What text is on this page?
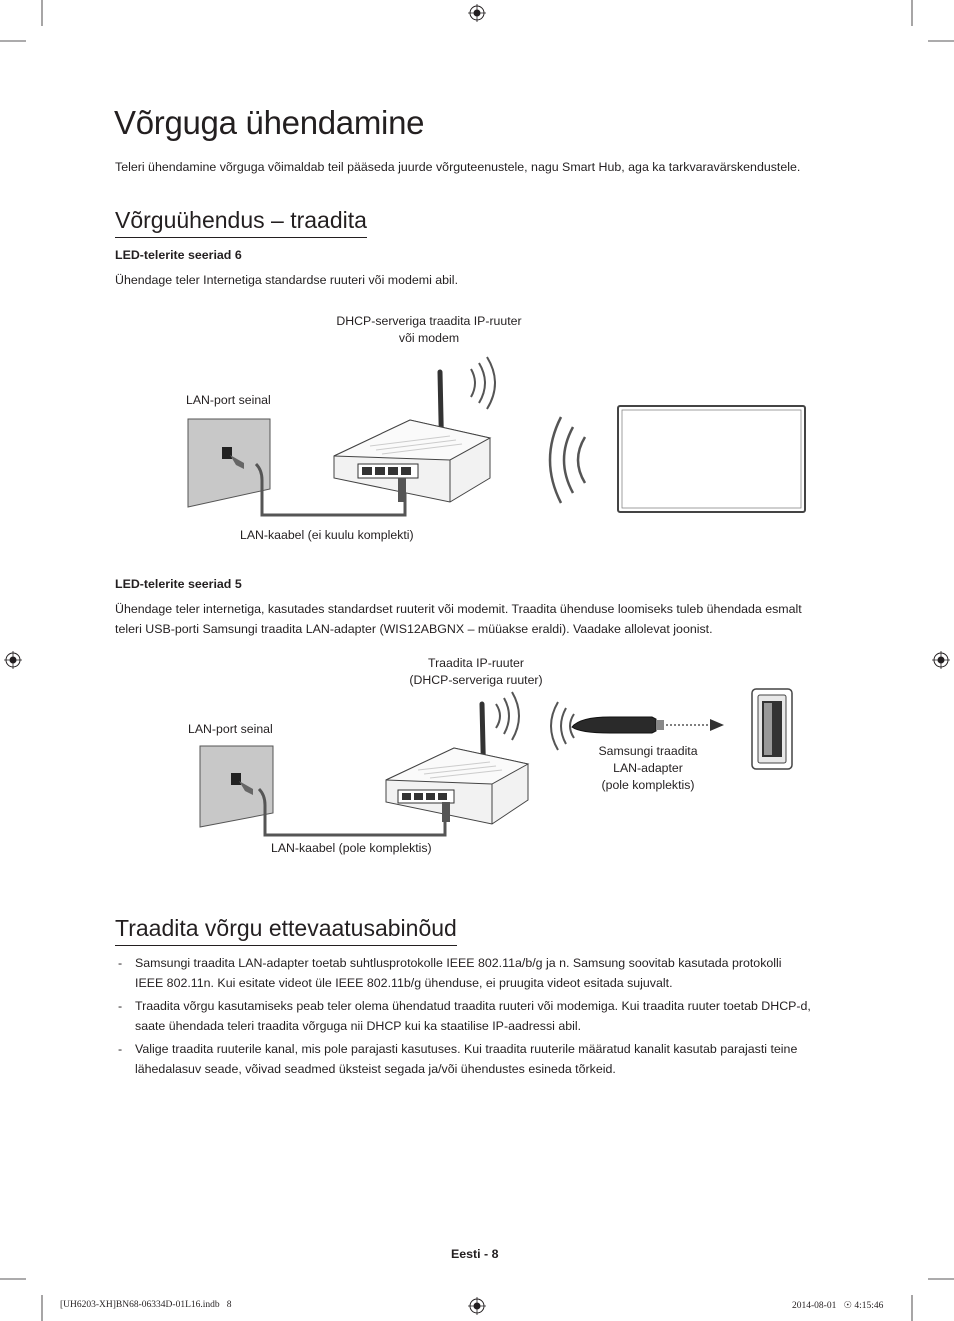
Võrguga ühendamine
Teleri ühendamine võrguga võimaldab teil pääseda juurde võrguteenustele, nagu Smart Hub, aga ka tarkvaravärskendustele.
Võrguühendus – traadita
LED-telerite seeriad 6
Ühendage teler Internetiga standardse ruuteri või modemi abil.
DHCP-serveriga traadita IP-ruuter
või modem
LAN-port seinal
LAN-kaabel (ei kuulu komplekti)
LED-telerite seeriad 5
Ühendage teler internetiga, kasutades standardset ruuterit või modemit. Traadita ühenduse loomiseks tuleb ühendada esmalt
teleri USB-porti Samsungi traadita LAN-adapter (WIS12ABGNX – müüakse eraldi). Vaadake allolevat joonist.
Traadita IP-ruuter
(DHCP-serveriga ruuter)
LAN-port seinal
LAN-kaabel (pole komplektis)
Samsungi traadita
LAN-adapter
(pole komplektis)
Traadita võrgu ettevaatusabinõud
- Samsungi traadita LAN-adapter toetab suhtlusprotokolle IEEE 802.11a/b/g ja n. Samsung soovitab kasutada protokolli
IEEE 802.11n. Kui esitate videot üle IEEE 802.11b/g ühenduse, ei pruugita videot esitada sujuvalt.
- Traadita võrgu kasutamiseks peab teler olema ühendatud traadita ruuteri või modemiga. Kui traadita ruuter toetab DHCP-d,
saate ühendada teleri traadita võrguga nii DHCP kui ka staatilise IP-aadressi abil.
- Valige traadita ruuterile kanal, mis pole parajasti kasutuses. Kui traadita ruuterile määratud kanalit kasutab parajasti teine
lähedalasuv seade, võivad seadmed üksteist segada ja/või ühendustes esineda tõrkeid.
Eesti - 8
[UH6203-XH]BN68-06334D-01L16.indb   8	2014-08-01   ☉ 4:15:46
